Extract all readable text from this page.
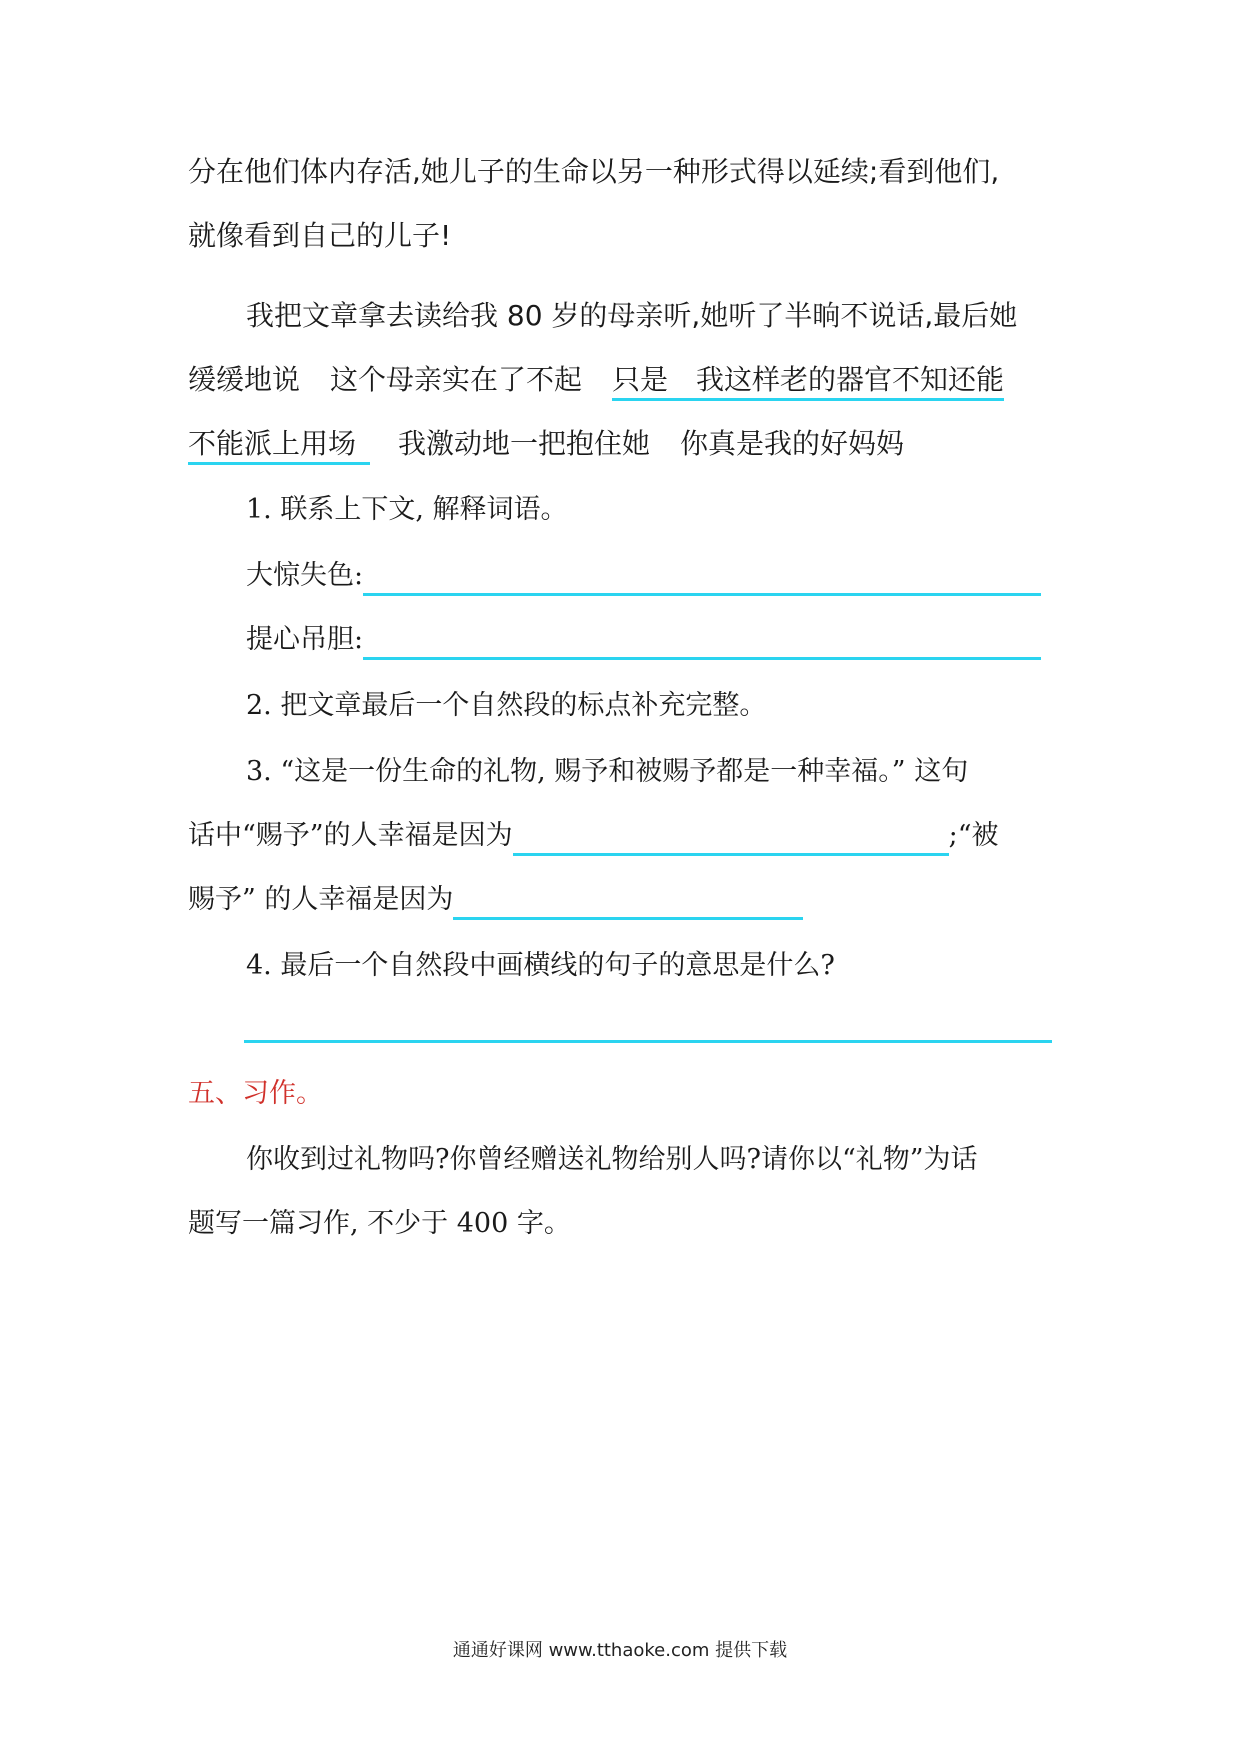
分在他们体内存活,她儿子的生命以另一种形式得以延续;看到他们,
就像看到自己的儿子!
我把文章拿去读给我 80 岁的母亲听,她听了半晌不说话,最后她
缓缓地说 这个母亲实在了不起 只是 我这样老的器官不知还能
不能派上用场 我激动地一把抱住她 你真是我的好妈妈
1. 联系上下文, 解释词语。
大惊失色:
提心吊胆:
2. 把文章最后一个自然段的标点补充完整。
3. “这是一份生命的礼物, 赐予和被赐予都是一种幸福。” 这句
话中“赐予”的人幸福是因为	;“被
赐予” 的人幸福是因为
4. 最后一个自然段中画横线的句子的意思是什么?
五、习作。
你收到过礼物吗?你曾经赠送礼物给别人吗?请你以“礼物”为话
题写一篇习作, 不少于 400 字。
通通好课网 www.tthaoke.com 提供下载
